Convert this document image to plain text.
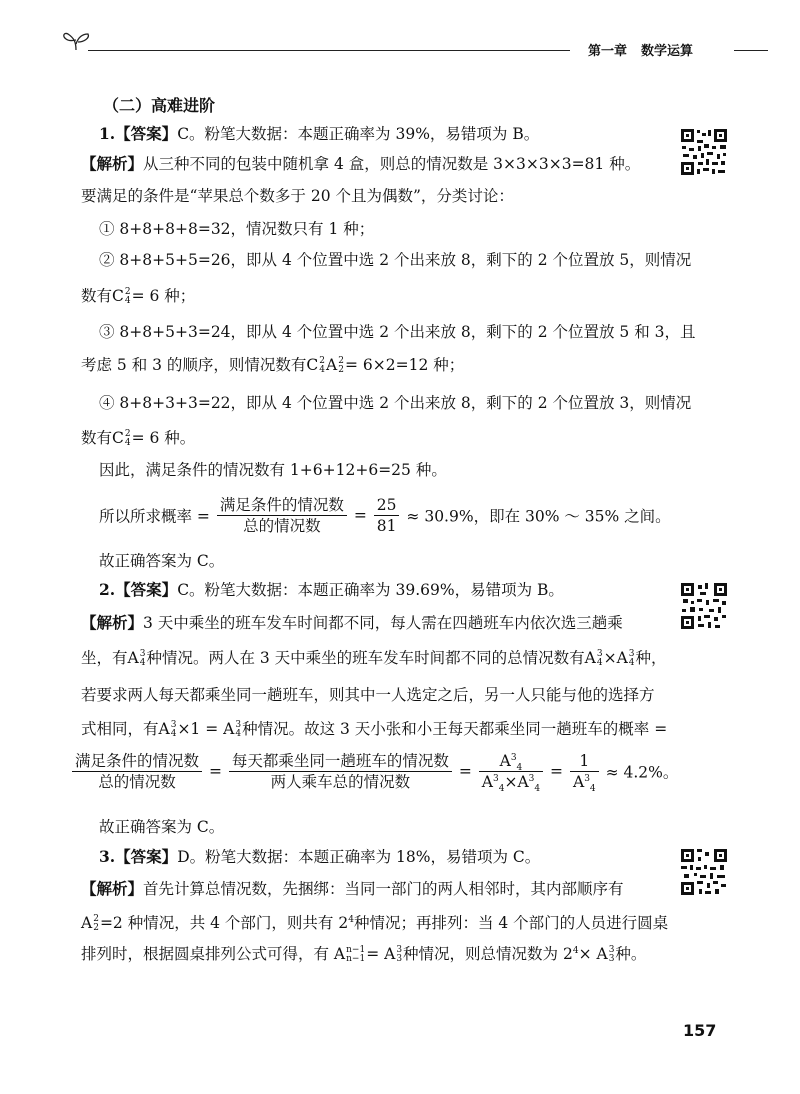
第一章 数学运算
（二）高难进阶
1.【答案】C。粉笔大数据：本题正确率为 39%，易错项为 B。
【解析】从三种不同的包装中随机拿 4 盒，则总的情况数是 3×3×3×3=81 种。
要满足的条件是“苹果总个数多于 20 个且为偶数”，分类讨论：
① 8+8+8+8=32，情况数只有 1 种；
② 8+8+5+5=26，即从 4 个位置中选 2 个出来放 8，剩下的 2 个位置放 5，则情况
数有C 2
4 = 6 种；
③ 8+8+5+3=24，即从 4 个位置中选 2 个出来放 8，剩下的 2 个位置放 5 和 3，且
考虑 5 和 3 的顺序，则情况数有C 2
4 A 2
2 = 6×2=12 种；
④ 8+8+3+3=22，即从 4 个位置中选 2 个出来放 8，剩下的 2 个位置放 3，则情况
数有C 2
4 = 6 种。
因此，满足条件的情况数有 1+6+12+6=25 种。
所以所求概率 = $\frac{\text{满足条件的情况数}}{\text{总的情况数}} = \frac{25}{81} \approx 30.9\%$，即在 30% ～ 35% 之间。
故正确答案为 C。
2.【答案】C。粉笔大数据：本题正确率为 39.69%，易错项为 B。
【解析】3 天中乘坐的班车发车时间都不同，每人需在四趟班车内依次选三趟乘
坐，有A 3
4 种情况。两人在 3 天中乘坐的班车发车时间都不同的总情况数有A 3
4 ×A 3
4 种，
若要求两人每天都乘坐同一趟班车，则其中一人选定之后，另一人只能与他的选择方
式相同，有A 3
4 ×1 = A 3
4 种情况。故这 3 天小张和小王每天都乘坐同一趟班车的概率 =
$\frac{\text{满足条件的情况数}}{\text{总的情况数}} = \frac{\text{每天都乘坐同一趟班车的情况数}}{\text{两人乘车总的情况数}} = \frac{A^3_4}{A^3_4\times A^3_4} = \frac{1}{A^3_4} \approx 4.2\%$。
故正确答案为 C。
3.【答案】D。粉笔大数据：本题正确率为 18%，易错项为 C。
【解析】首先计算总情况数，先捆绑：当同一部门的两人相邻时，其内部顺序有
A 2
2 =2 种情况，共 4 个部门，则共有 $2^4$种情况；再排列：当 4 个部门的人员进行圆桌
排列时，根据圆桌排列公式可得，有 A n−1
n−1 = A 3
3 种情况，则总情况数为 $2^4\times A$ 3
3 种。
157
